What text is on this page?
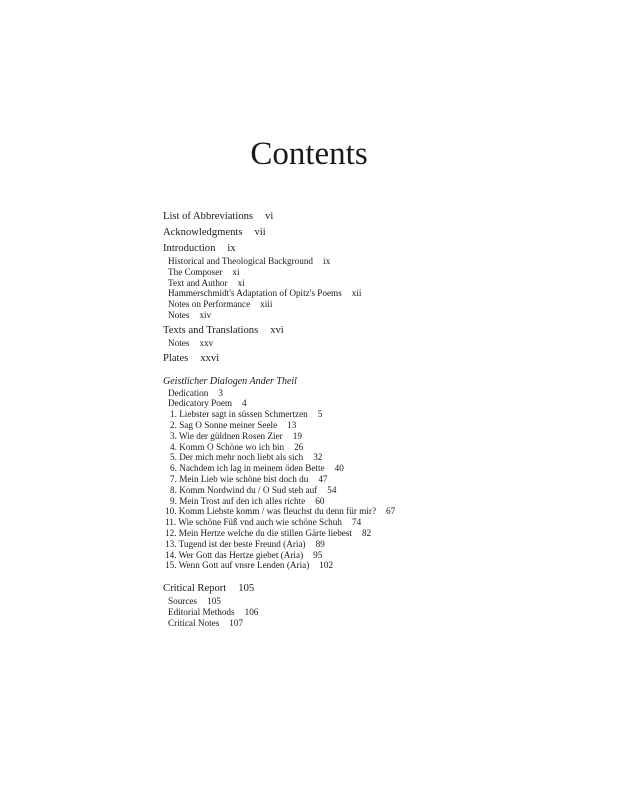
Contents
List of Abbreviations vi
Acknowledgments vii
Introduction ix
Historical and Theological Background ix
The Composer xi
Text and Author xi
Hammerschmidt's Adaptation of Opitz's Poems xii
Notes on Performance xiii
Notes xiv
Texts and Translations xvi
Notes xxv
Plates xxvi
Geistlicher Dialogen Ander Theil
Dedication 3
Dedicatory Poem 4
1. Liebster sagt in süssen Schmertzen 5
2. Sag O Sonne meiner Seele 13
3. Wie der güldnen Rosen Zier 19
4. Komm O Schöne wo ich bin 26
5. Der mich mehr noch liebt als sich 32
6. Nachdem ich lag in meinem öden Bette 40
7. Mein Lieb wie schöne bist doch du 47
8. Komm Nordwind du / O Sud steh auf 54
9. Mein Trost auf den ich alles richte 60
10. Komm Liebste komm / was fleuchst du denn für mir? 67
11. Wie schöne Füß vnd auch wie schöne Schuh 74
12. Mein Hertze welche du die stillen Gärte liebest 82
13. Tugend ist der beste Freund (Aria) 89
14. Wer Gott das Hertze giebet (Aria) 95
15. Wenn Gott auf vnsre Lenden (Aria) 102
Critical Report 105
Sources 105
Editorial Methods 106
Critical Notes 107
